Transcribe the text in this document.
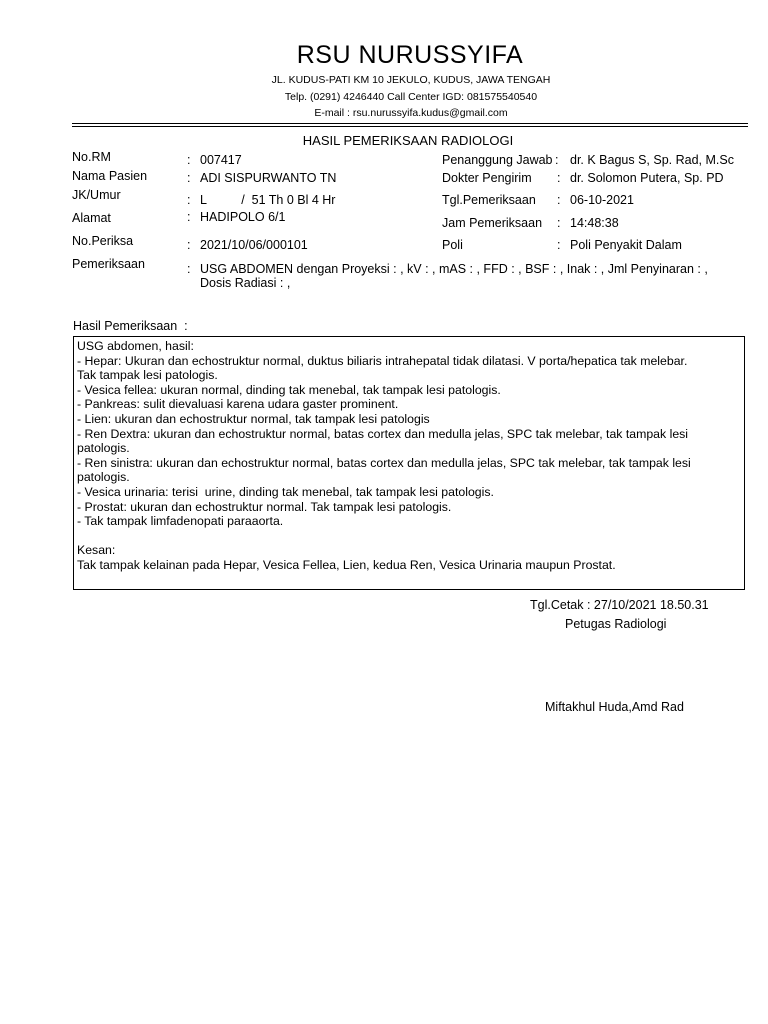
RSU NURUSSYIFA
JL. KUDUS-PATI KM 10 JEKULO, KUDUS, JAWA TENGAH
Telp. (0291) 4246440 Call Center IGD: 081575540540
E-mail : rsu.nurussyifa.kudus@gmail.com
HASIL PEMERIKSAAN RADIOLOGI
No.RM	: 007417
Nama Pasien	: ADI SISPURWANTO TN
JK/Umur	: L          /  51 Th 0 Bl 4 Hr
Alamat	: HADIPOLO 6/1
No.Periksa	: 2021/10/06/000101
Pemeriksaan	: USG ABDOMEN dengan Proyeksi : , kV : , mAS : , FFD : , BSF : , Inak : , Jml Penyinaran : ,
Dosis Radiasi : ,
Penanggung Jawab : dr. K Bagus S, Sp. Rad, M.Sc
Dokter Pengirim : dr. Solomon Putera, Sp. PD
Tgl.Pemeriksaan : 06-10-2021
Jam Pemeriksaan : 14:48:38
Poli	: Poli Penyakit Dalam
Hasil Pemeriksaan  :
USG abdomen, hasil:
- Hepar: Ukuran dan echostruktur normal, duktus biliaris intrahepatal tidak dilatasi. V porta/hepatica tak melebar.
Tak tampak lesi patologis.
- Vesica fellea: ukuran normal, dinding tak menebal, tak tampak lesi patologis.
- Pankreas: sulit dievaluasi karena udara gaster prominent.
- Lien: ukuran dan echostruktur normal, tak tampak lesi patologis
- Ren Dextra: ukuran dan echostruktur normal, batas cortex dan medulla jelas, SPC tak melebar, tak tampak lesi
patologis.
- Ren sinistra: ukuran dan echostruktur normal, batas cortex dan medulla jelas, SPC tak melebar, tak tampak lesi
patologis.
- Vesica urinaria: terisi  urine, dinding tak menebal, tak tampak lesi patologis.
- Prostat: ukuran dan echostruktur normal. Tak tampak lesi patologis.
- Tak tampak limfadenopati paraaorta.

Kesan:
Tak tampak kelainan pada Hepar, Vesica Fellea, Lien, kedua Ren, Vesica Urinaria maupun Prostat.
Tgl.Cetak : 27/10/2021 18.50.31
Petugas Radiologi
Miftakhul Huda,Amd Rad
